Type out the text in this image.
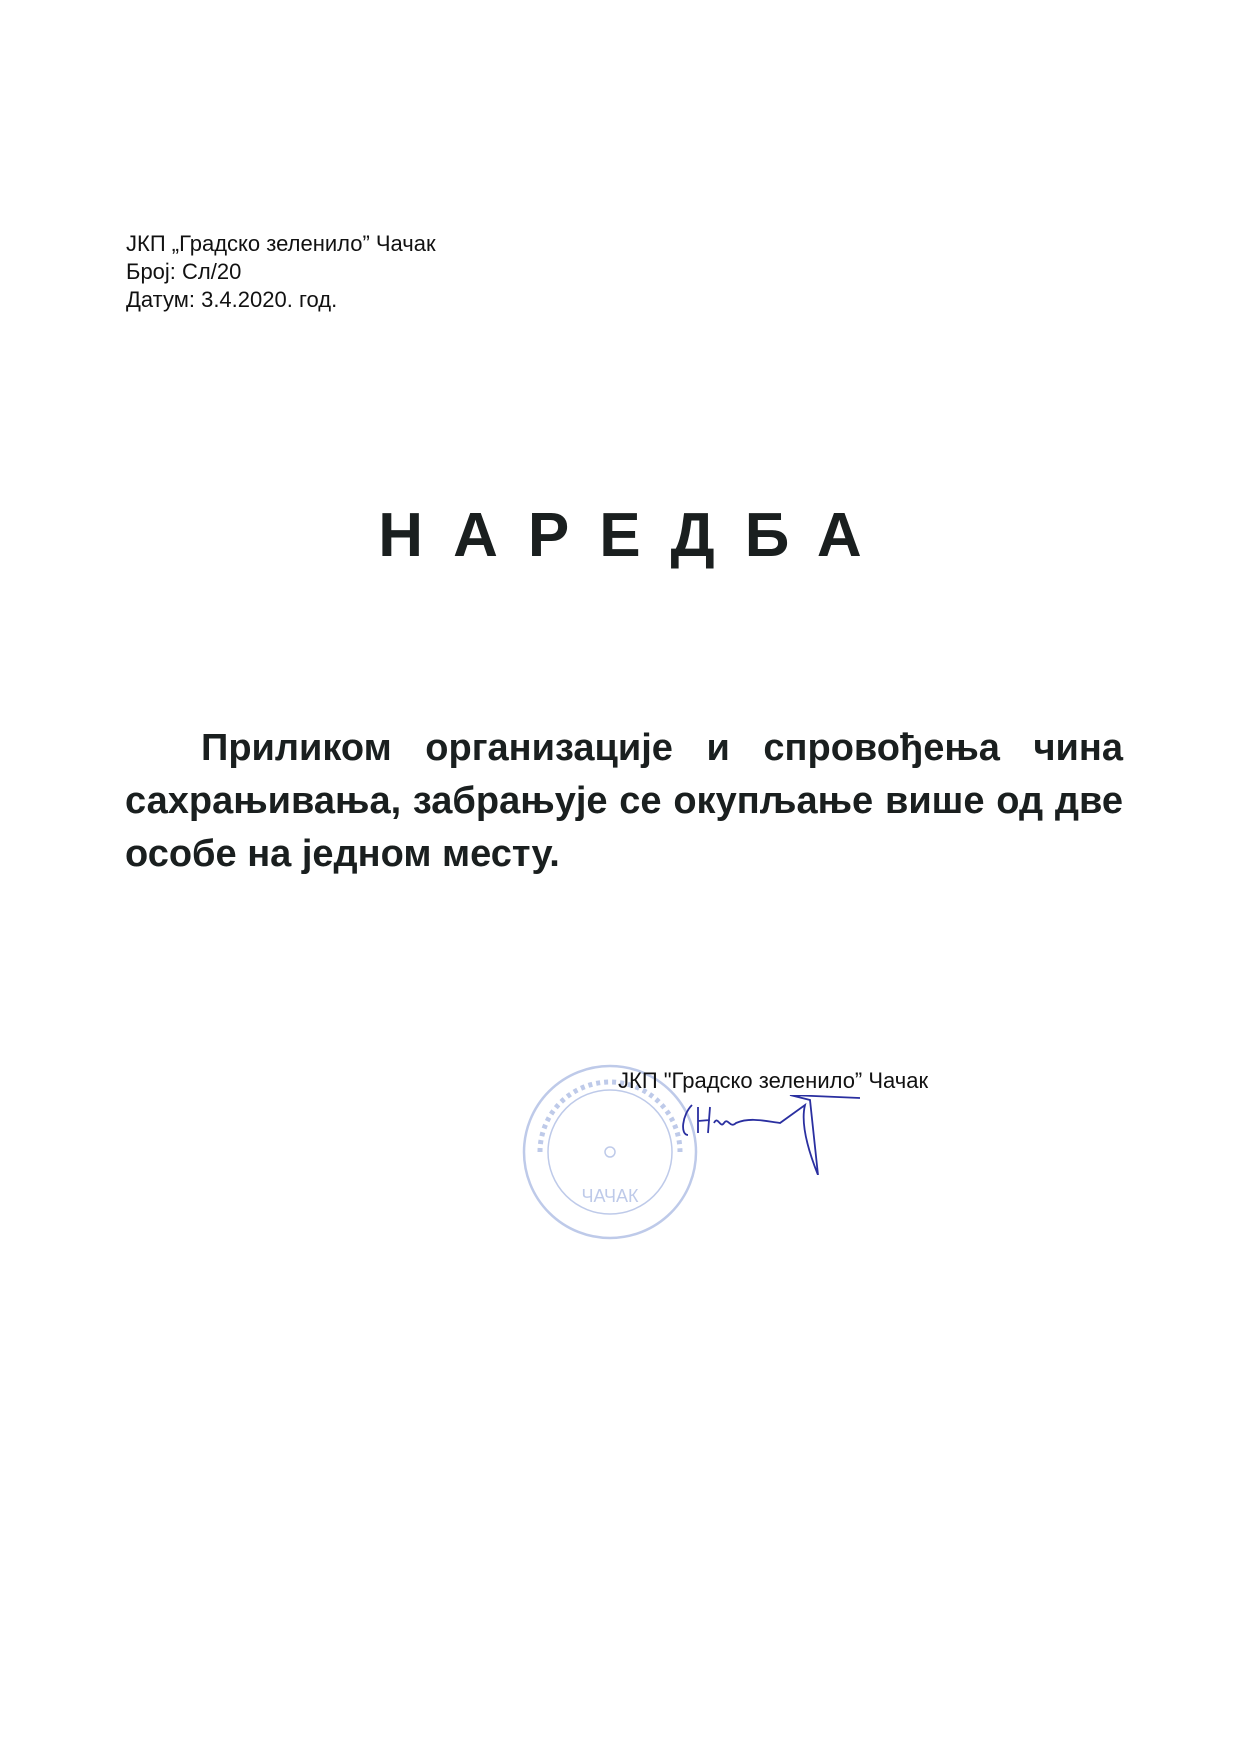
ЈКП „Градско зеленило” Чачак
Број: Сл/20
Датум: 3.4.2020. год.
НАРЕДБА

Приликом организације и спровођења чина сахрањивања, забрањује се окупљање више од две особе на једном месту.

ЧАЧАК
ЈКП "Градско зеленило” Чачак
